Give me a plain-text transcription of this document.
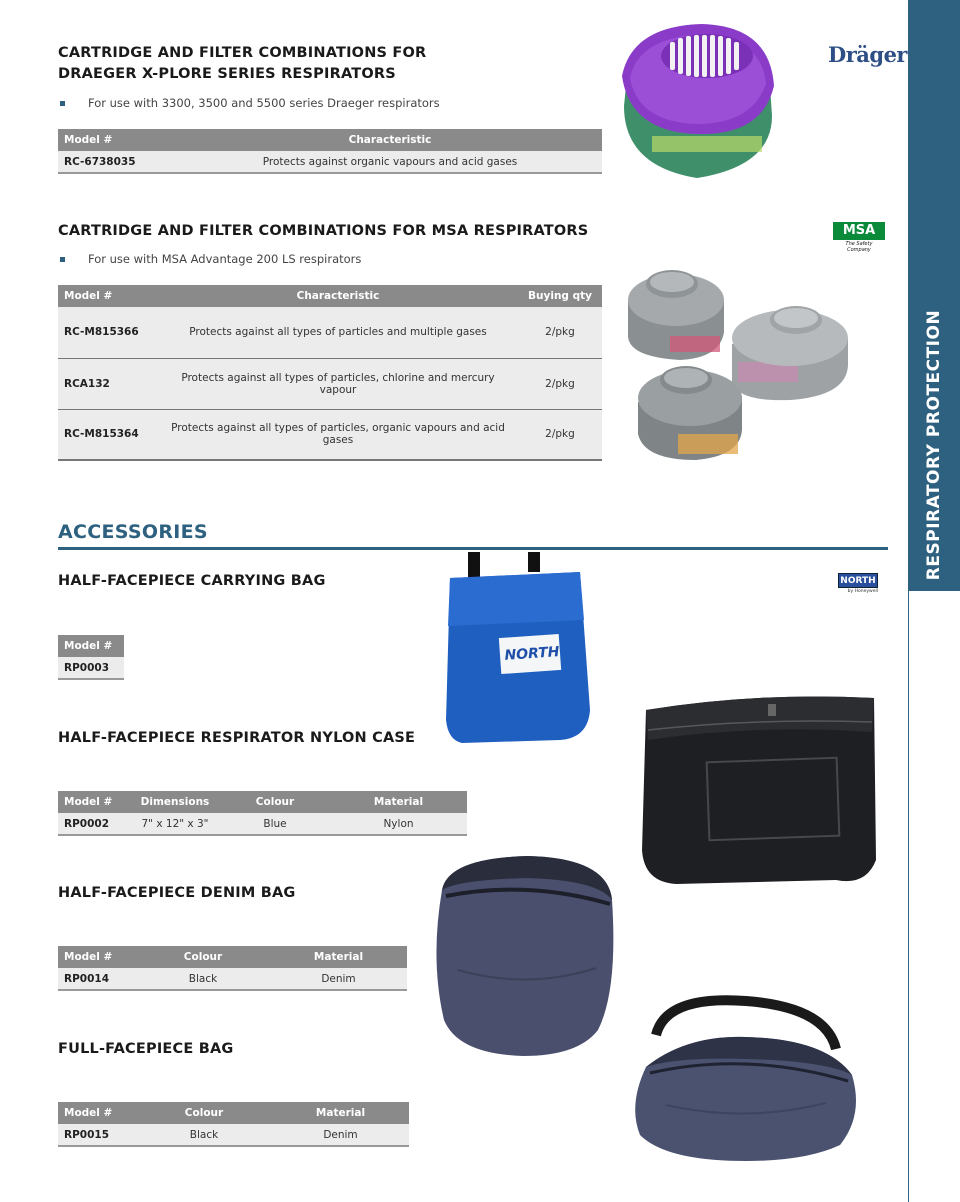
RESPIRATORY PROTECTION
CARTRIDGE AND FILTER COMBINATIONS FOR
DRAEGER X-PLORE SERIES RESPIRATORS
For use with 3300, 3500 and 5500 series Draeger respirators
Model #	Characteristic
RC-6738035	Protects against organic vapours and acid gases
Dräger
CARTRIDGE AND FILTER COMBINATIONS FOR MSA RESPIRATORS
For use with MSA Advantage 200 LS respirators
Model #	Characteristic	Buying qty
RC-M815366	Protects against all types of particles and multiple gases	2/pkg
RCA132	Protects against all types of particles, chlorine and mercury vapour	2/pkg
RC-M815364	Protects against all types of particles, organic vapours and acid gases	2/pkg
MSA
The Safety Company
ACCESSORIES
HALF-FACEPIECE CARRYING BAG
Model #
RP0003
NORTH
by Honeywell
NORTH
HALF-FACEPIECE RESPIRATOR NYLON CASE
Model #	Dimensions	Colour	Material
RP0002	7" x 12" x 3"	Blue	Nylon
HALF-FACEPIECE DENIM BAG
Model #	Colour	Material
RP0014	Black	Denim
FULL-FACEPIECE BAG
Model #	Colour	Material
RP0015	Black	Denim
